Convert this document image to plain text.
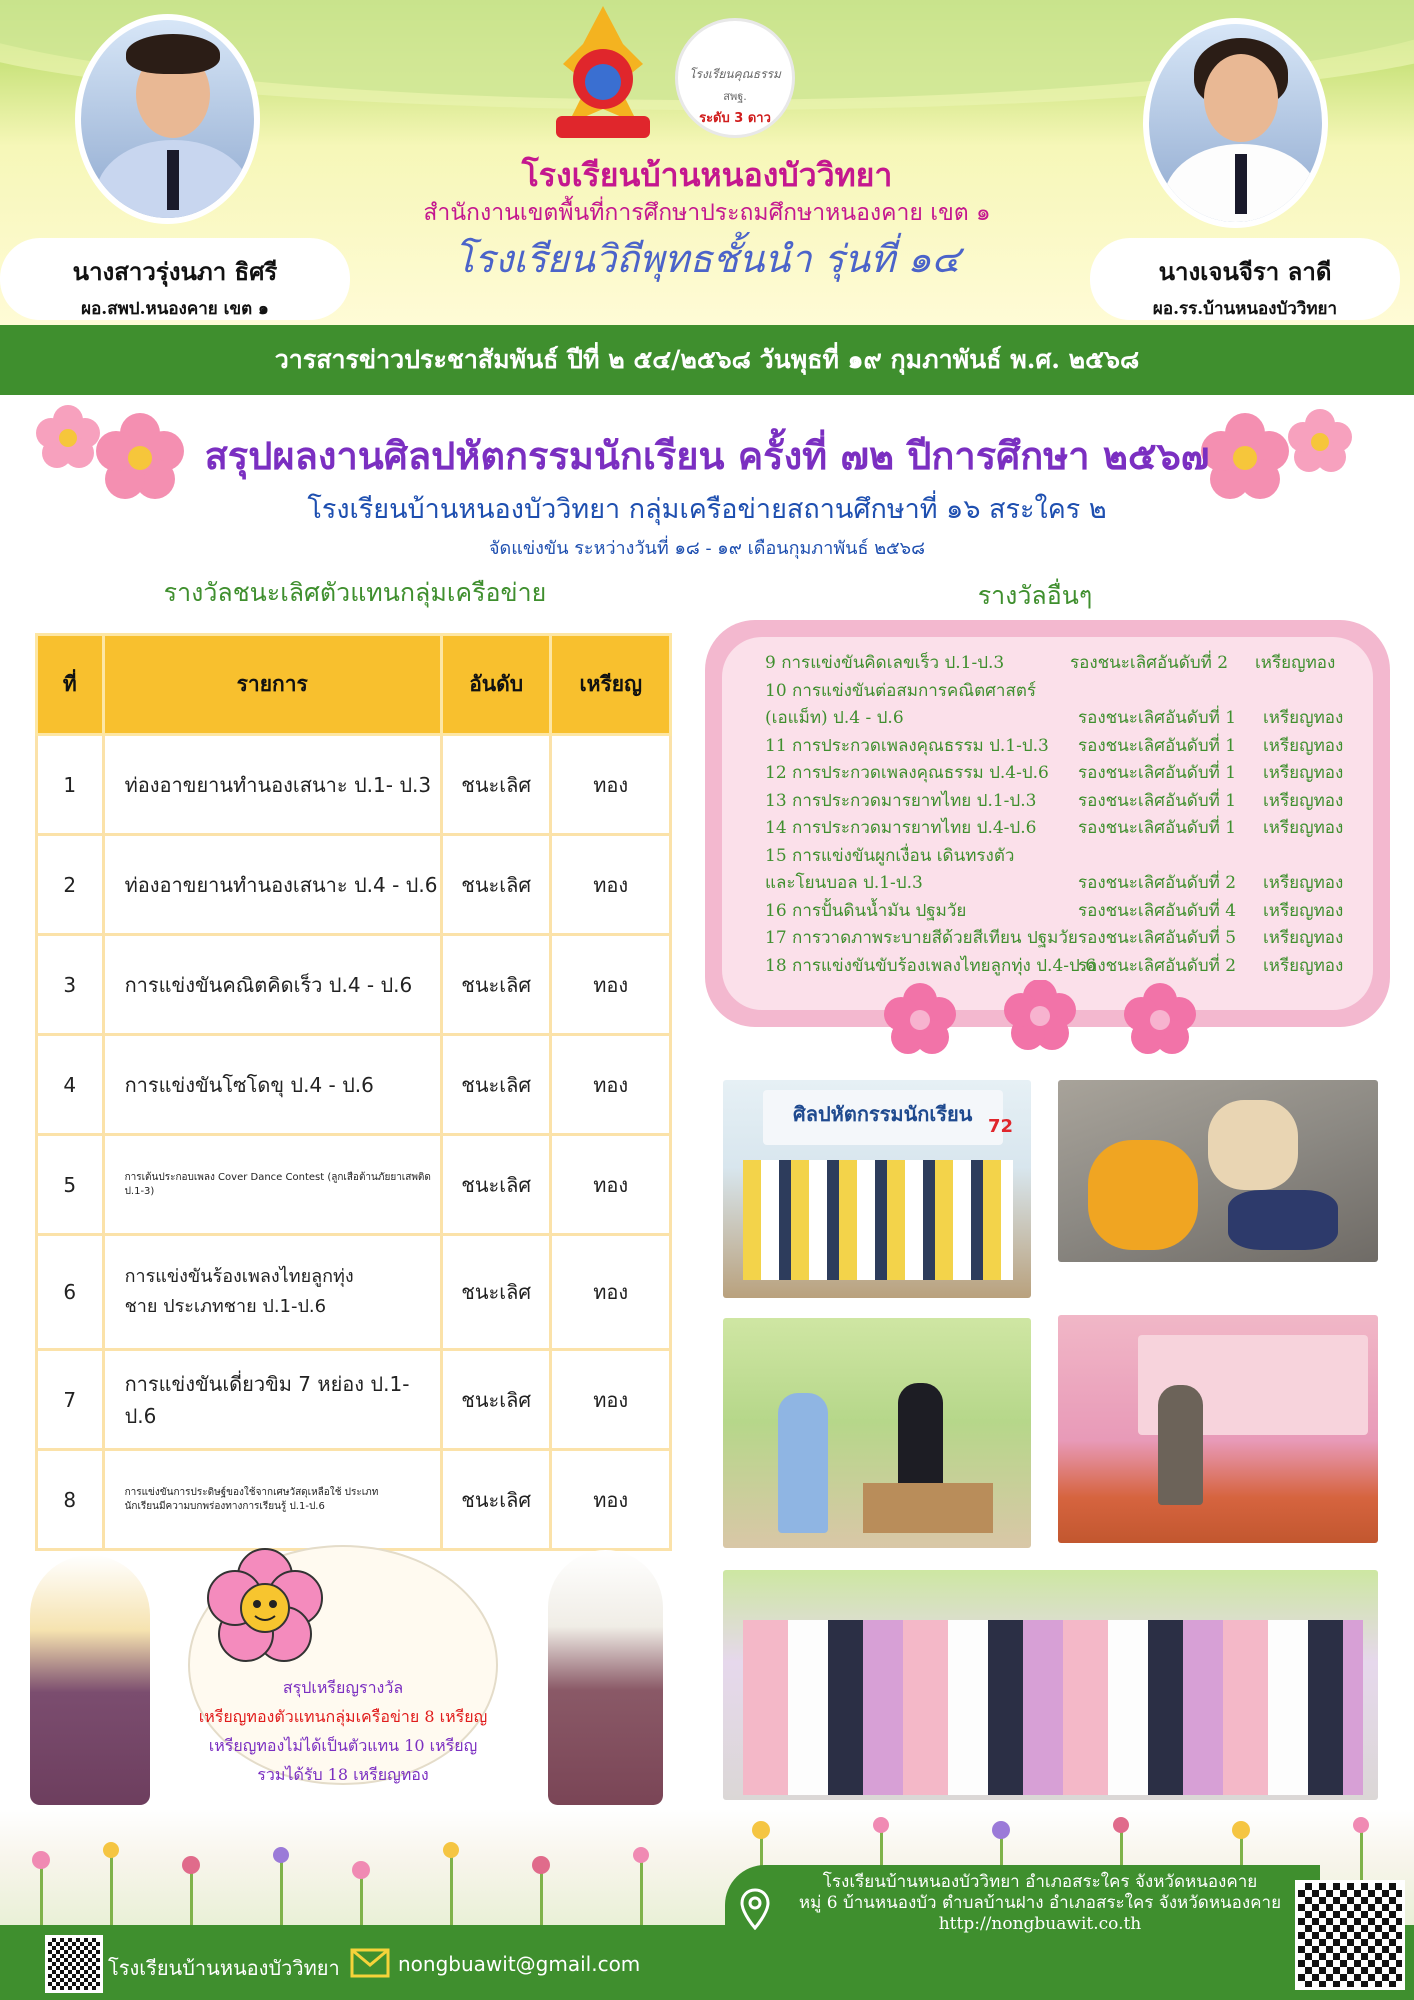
นางสาวรุ่งนภา ธิศรี
ผอ.สพป.หนองคาย เขต ๑
นางเจนจีรา ลาดี
ผอ.รร.บ้านหนองบัววิทยา
โรงเรียนคุณธรรม
สพฐ.
ระดับ 3 ดาว
โรงเรียนบ้านหนองบัววิทยา
สำนักงานเขตพื้นที่การศึกษาประถมศึกษาหนองคาย เขต ๑
โรงเรียนวิถีพุทธชั้นนำ รุ่นที่ ๑๔
วารสารข่าวประชาสัมพันธ์ ปีที่ ๒ ๕๔/๒๕๖๘ วันพุธที่ ๑๙ กุมภาพันธ์ พ.ศ. ๒๕๖๘
สรุปผลงานศิลปหัตกรรมนักเรียน ครั้งที่ ๗๒ ปีการศึกษา ๒๕๖๗
โรงเรียนบ้านหนองบัววิทยา กลุ่มเครือข่ายสถานศึกษาที่ ๑๖ สระใคร ๒
จัดแข่งขัน ระหว่างวันที่ ๑๘ - ๑๙ เดือนกุมภาพันธ์ ๒๕๖๘
รางวัลชนะเลิศตัวแทนกลุ่มเครือข่าย	รางวัลอื่นๆ
ที่	รายการ	อันดับ	เหรียญ
1	ท่องอาขยานทำนองเสนาะ ป.1- ป.3	ชนะเลิศ	ทอง
2	ท่องอาขยานทำนองเสนาะ ป.4 - ป.6	ชนะเลิศ	ทอง
3	การแข่งขันคณิตคิดเร็ว ป.4 - ป.6	ชนะเลิศ	ทอง
4	การแข่งขันโซโดขุ ป.4 - ป.6	ชนะเลิศ	ทอง
5	การเต้นประกอบเพลง Cover Dance Contest (ลูกเสือต้านภัยยาเสพติด ป.1-3)	ชนะเลิศ	ทอง
6	การแข่งขันร้องเพลงไทยลูกทุ่งชาย ประเภทชาย ป.1-ป.6	ชนะเลิศ	ทอง
7	การแข่งขันเดี่ยวขิม 7 หย่อง ป.1-ป.6	ชนะเลิศ	ทอง
8	การแข่งขันการประดิษฐ์ของใช้จากเศษวัสดุเหลือใช้ ประเภทนักเรียนมีความบกพร่องทางการเรียนรู้ ป.1-ป.6	ชนะเลิศ	ทอง
9 การแข่งขันคิดเลขเร็ว ป.1-ป.3	รองชนะเลิศอันดับที่ 2	เหรียญทอง
10 การแข่งขันต่อสมการคณิตศาสตร์
(เอแม็ท) ป.4 - ป.6	รองชนะเลิศอันดับที่ 1	เหรียญทอง
11 การประกวดเพลงคุณธรรม ป.1-ป.3	รองชนะเลิศอันดับที่ 1	เหรียญทอง
12 การประกวดเพลงคุณธรรม ป.4-ป.6	รองชนะเลิศอันดับที่ 1	เหรียญทอง
13 การประกวดมารยาทไทย ป.1-ป.3	รองชนะเลิศอันดับที่ 1	เหรียญทอง
14 การประกวดมารยาทไทย ป.4-ป.6	รองชนะเลิศอันดับที่ 1	เหรียญทอง
15 การแข่งขันผูกเงื่อน เดินทรงตัว
และโยนบอล ป.1-ป.3	รองชนะเลิศอันดับที่ 2	เหรียญทอง
16 การปั้นดินน้ำมัน ปฐมวัย	รองชนะเลิศอันดับที่ 4	เหรียญทอง
17 การวาดภาพระบายสีด้วยสีเทียน ปฐมวัย รองชนะเลิศอันดับที่ 5	เหรียญทอง
18 การแข่งขันขับร้องเพลงไทยลูกทุ่ง ป.4-ป.6
รองชนะเลิศอันดับที่ 2	เหรียญทอง
ศิลปหัตกรรมนักเรียน
72
สรุปเหรียญรางวัล
เหรียญทองตัวแทนกลุ่มเครือข่าย 8 เหรียญ
เหรียญทองไม่ได้เป็นตัวแทน 10 เหรียญ
รวมได้รับ 18 เหรียญทอง
โรงเรียนบ้านหนองบัววิทยา อำเภอสระใคร จังหวัดหนองคาย
หมู่ 6 บ้านหนองบัว ตำบลบ้านฝาง อำเภอสระใคร จังหวัดหนองคาย
http://nongbuawit.co.th
โรงเรียนบ้านหนองบัววิทยา	nongbuawit@gmail.com
